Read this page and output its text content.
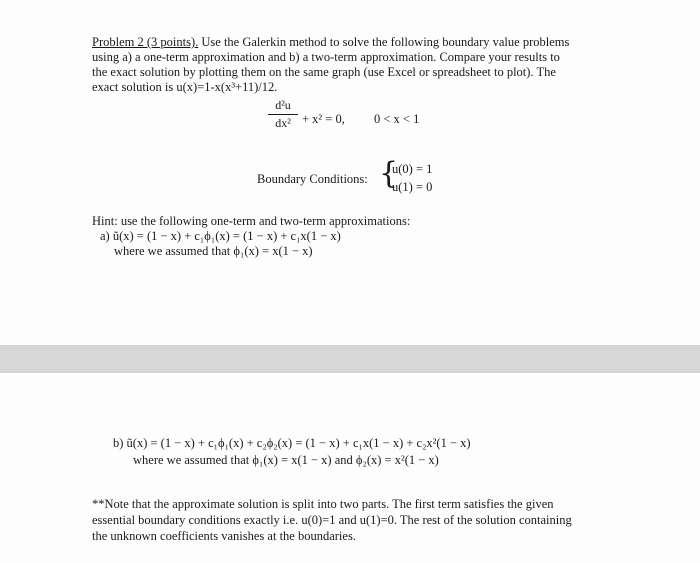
Problem 2 (3 points). Use the Galerkin method to solve the following boundary value problems
using a) a one-term approximation and b) a two-term approximation. Compare your results to
the exact solution by plotting them on the same graph (use Excel or spreadsheet to plot). The
exact solution is u(x)=1-x(x³+11)/12.
d²u
dx² + x² = 0, 0 < x < 1
Boundary Conditions: {
u(0) = 1
u(1) = 0
Hint: use the following one-term and two-term approximations:
a) ũ(x) = (1 − x) + c₁ϕ₁(x) = (1 − x) + c₁x(1 − x)
where we assumed that ϕ₁(x) = x(1 − x)
b) ũ(x) = (1 − x) + c₁ϕ₁(x) + c₂ϕ₂(x) = (1 − x) + c₁x(1 − x) + c₂x²(1 − x)
where we assumed that ϕ₁(x) = x(1 − x) and ϕ₂(x) = x²(1 − x)
**Note that the approximate solution is split into two parts. The first term satisfies the given
essential boundary conditions exactly i.e. u(0)=1 and u(1)=0. The rest of the solution containing
the unknown coefficients vanishes at the boundaries.
